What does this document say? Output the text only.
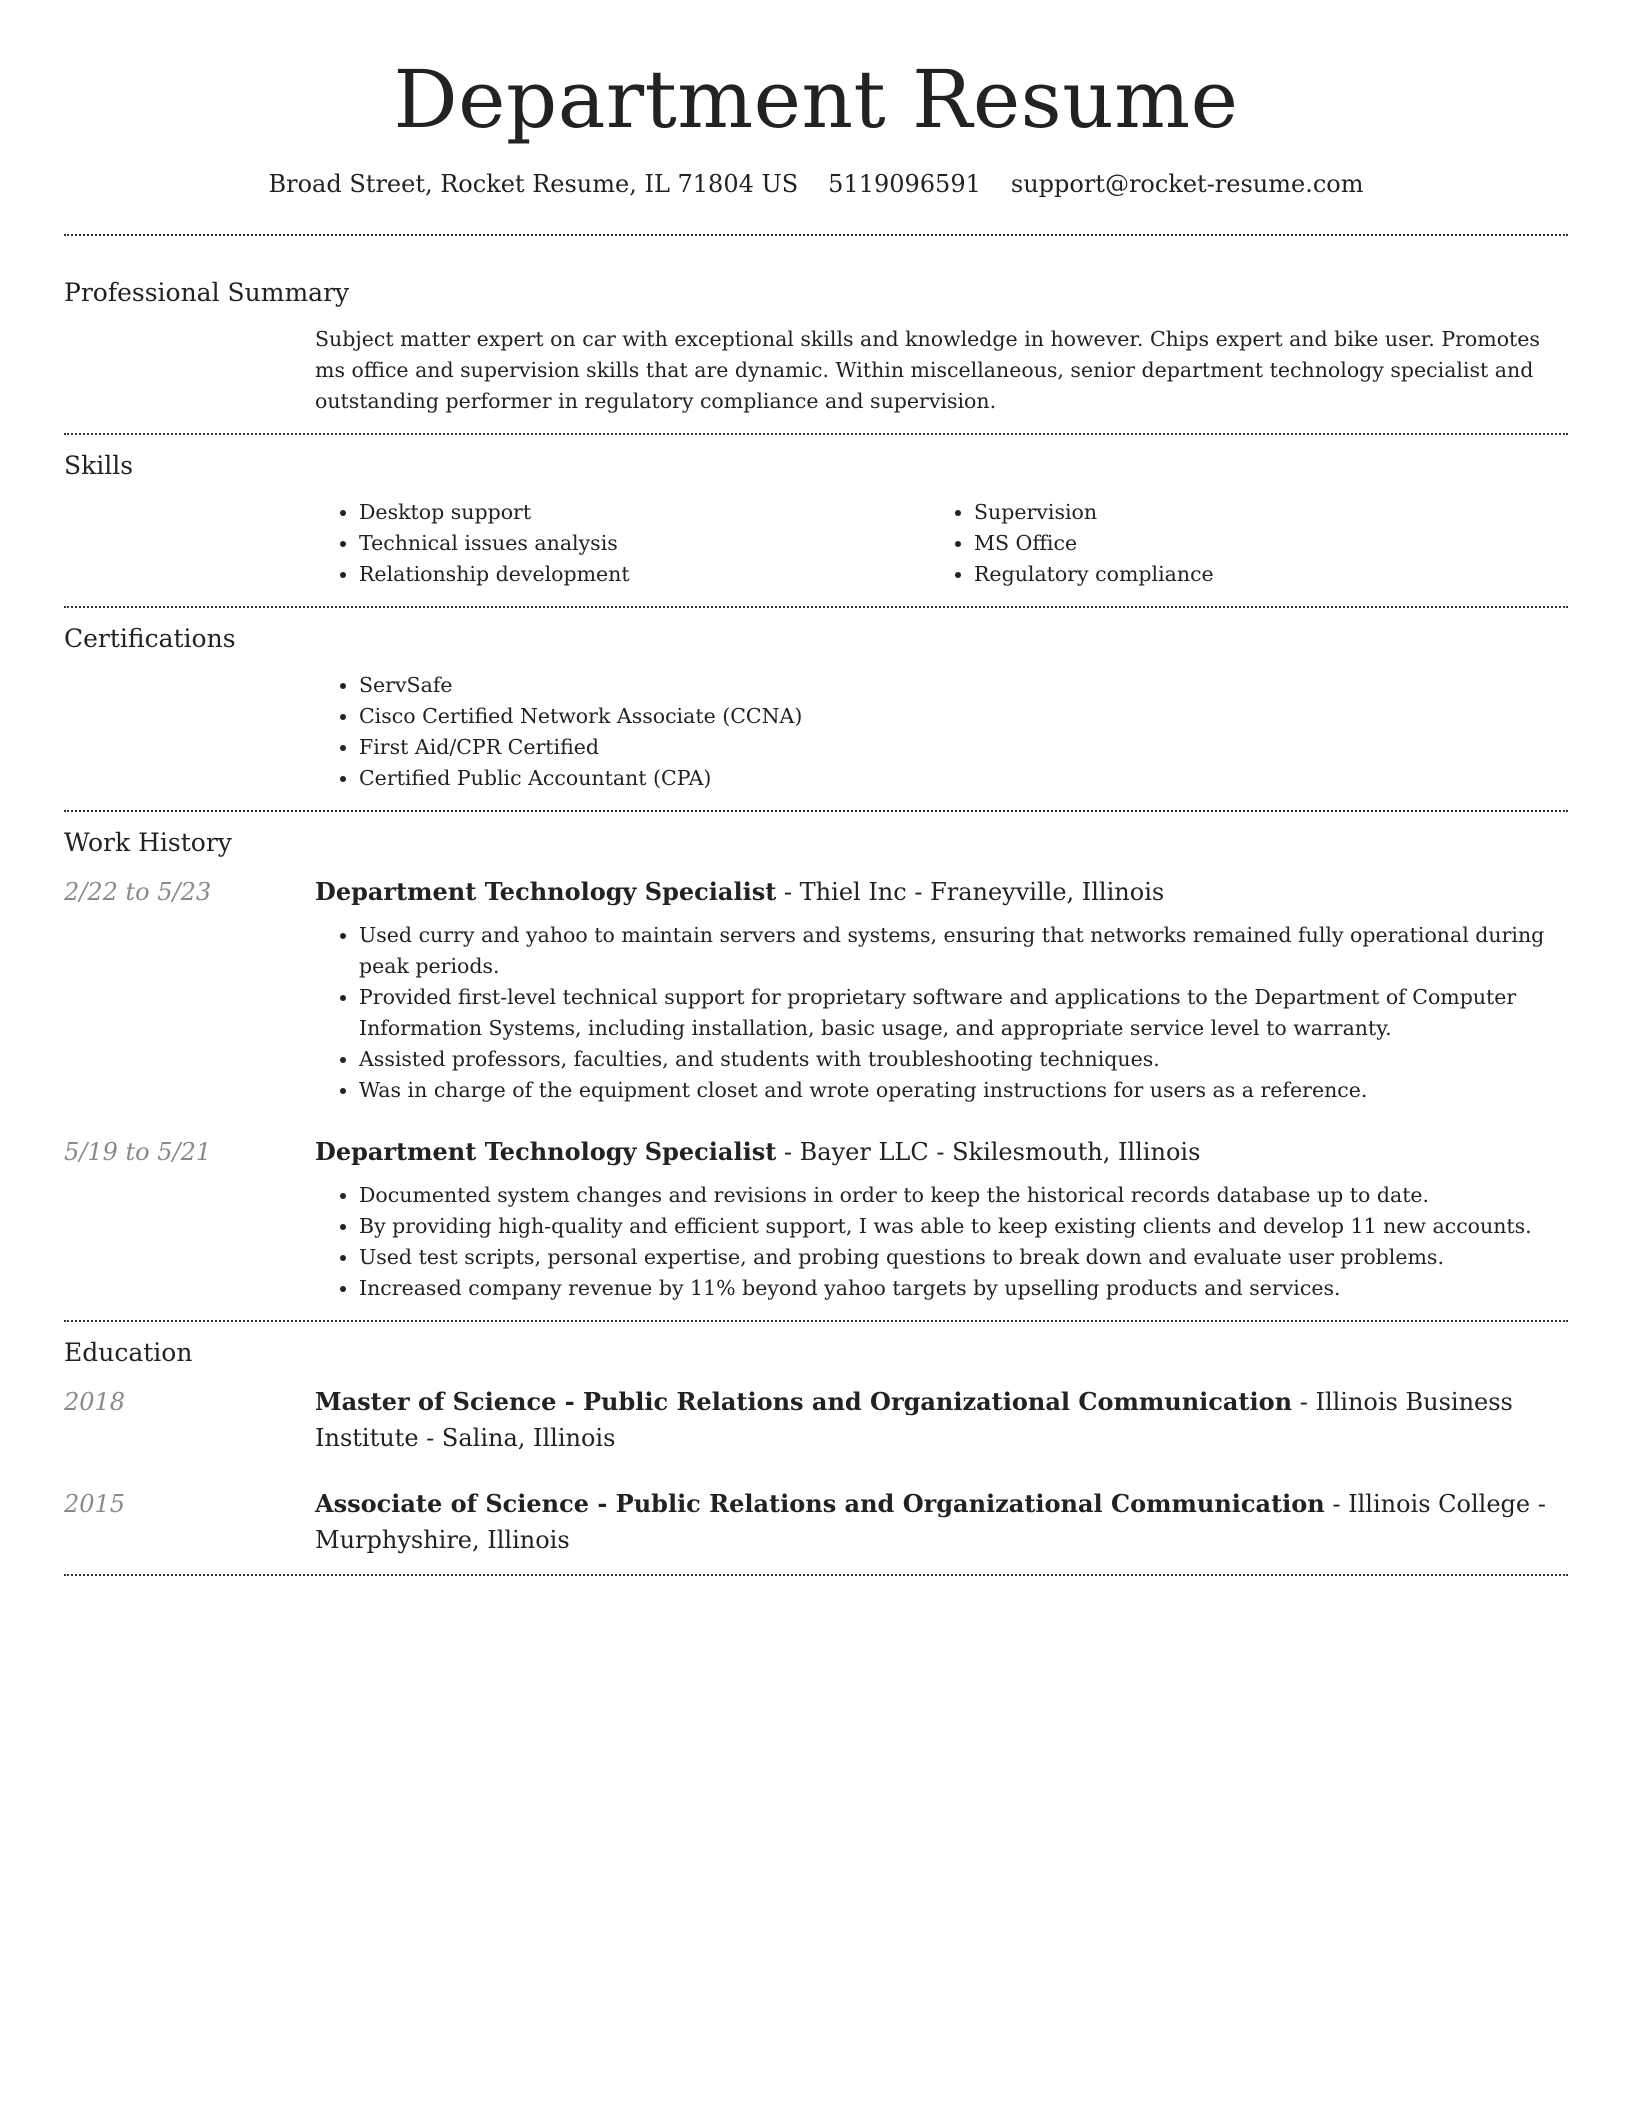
Department Resume
Broad Street, Rocket Resume, IL 71804 US 5119096591 support@rocket-resume.com
Professional Summary

Subject matter expert on car with exceptional skills and knowledge in however. Chips expert and bike user. Promotes ms office and supervision skills that are dynamic. Within miscellaneous, senior department technology specialist and outstanding performer in regulatory compliance and supervision.

Skills
• Desktop support
• Technical issues analysis
• Relationship development
• Supervision
• MS Office
• Regulatory compliance
Certifications
• ServSafe
• Cisco Certified Network Associate (CCNA)
• First Aid/CPR Certified
• Certified Public Accountant (CPA)
Work History
2/22 to 5/23	Department Technology Specialist - Thiel Inc - Franeyville, Illinois
• Used curry and yahoo to maintain servers and systems, ensuring that networks remained fully operational during peak periods.
• Provided first-level technical support for proprietary software and applications to the Department of Computer Information Systems, including installation, basic usage, and appropriate service level to warranty.
• Assisted professors, faculties, and students with troubleshooting techniques.
• Was in charge of the equipment closet and wrote operating instructions for users as a reference.
5/19 to 5/21	Department Technology Specialist - Bayer LLC - Skilesmouth, Illinois
• Documented system changes and revisions in order to keep the historical records database up to date.
• By providing high-quality and efficient support, I was able to keep existing clients and develop 11 new accounts.
• Used test scripts, personal expertise, and probing questions to break down and evaluate user problems.
• Increased company revenue by 11% beyond yahoo targets by upselling products and services.
Education
2018	Master of Science - Public Relations and Organizational Communication - Illinois Business Institute - Salina, Illinois

2015	Associate of Science - Public Relations and Organizational Communication - Illinois College - Murphyshire, Illinois
